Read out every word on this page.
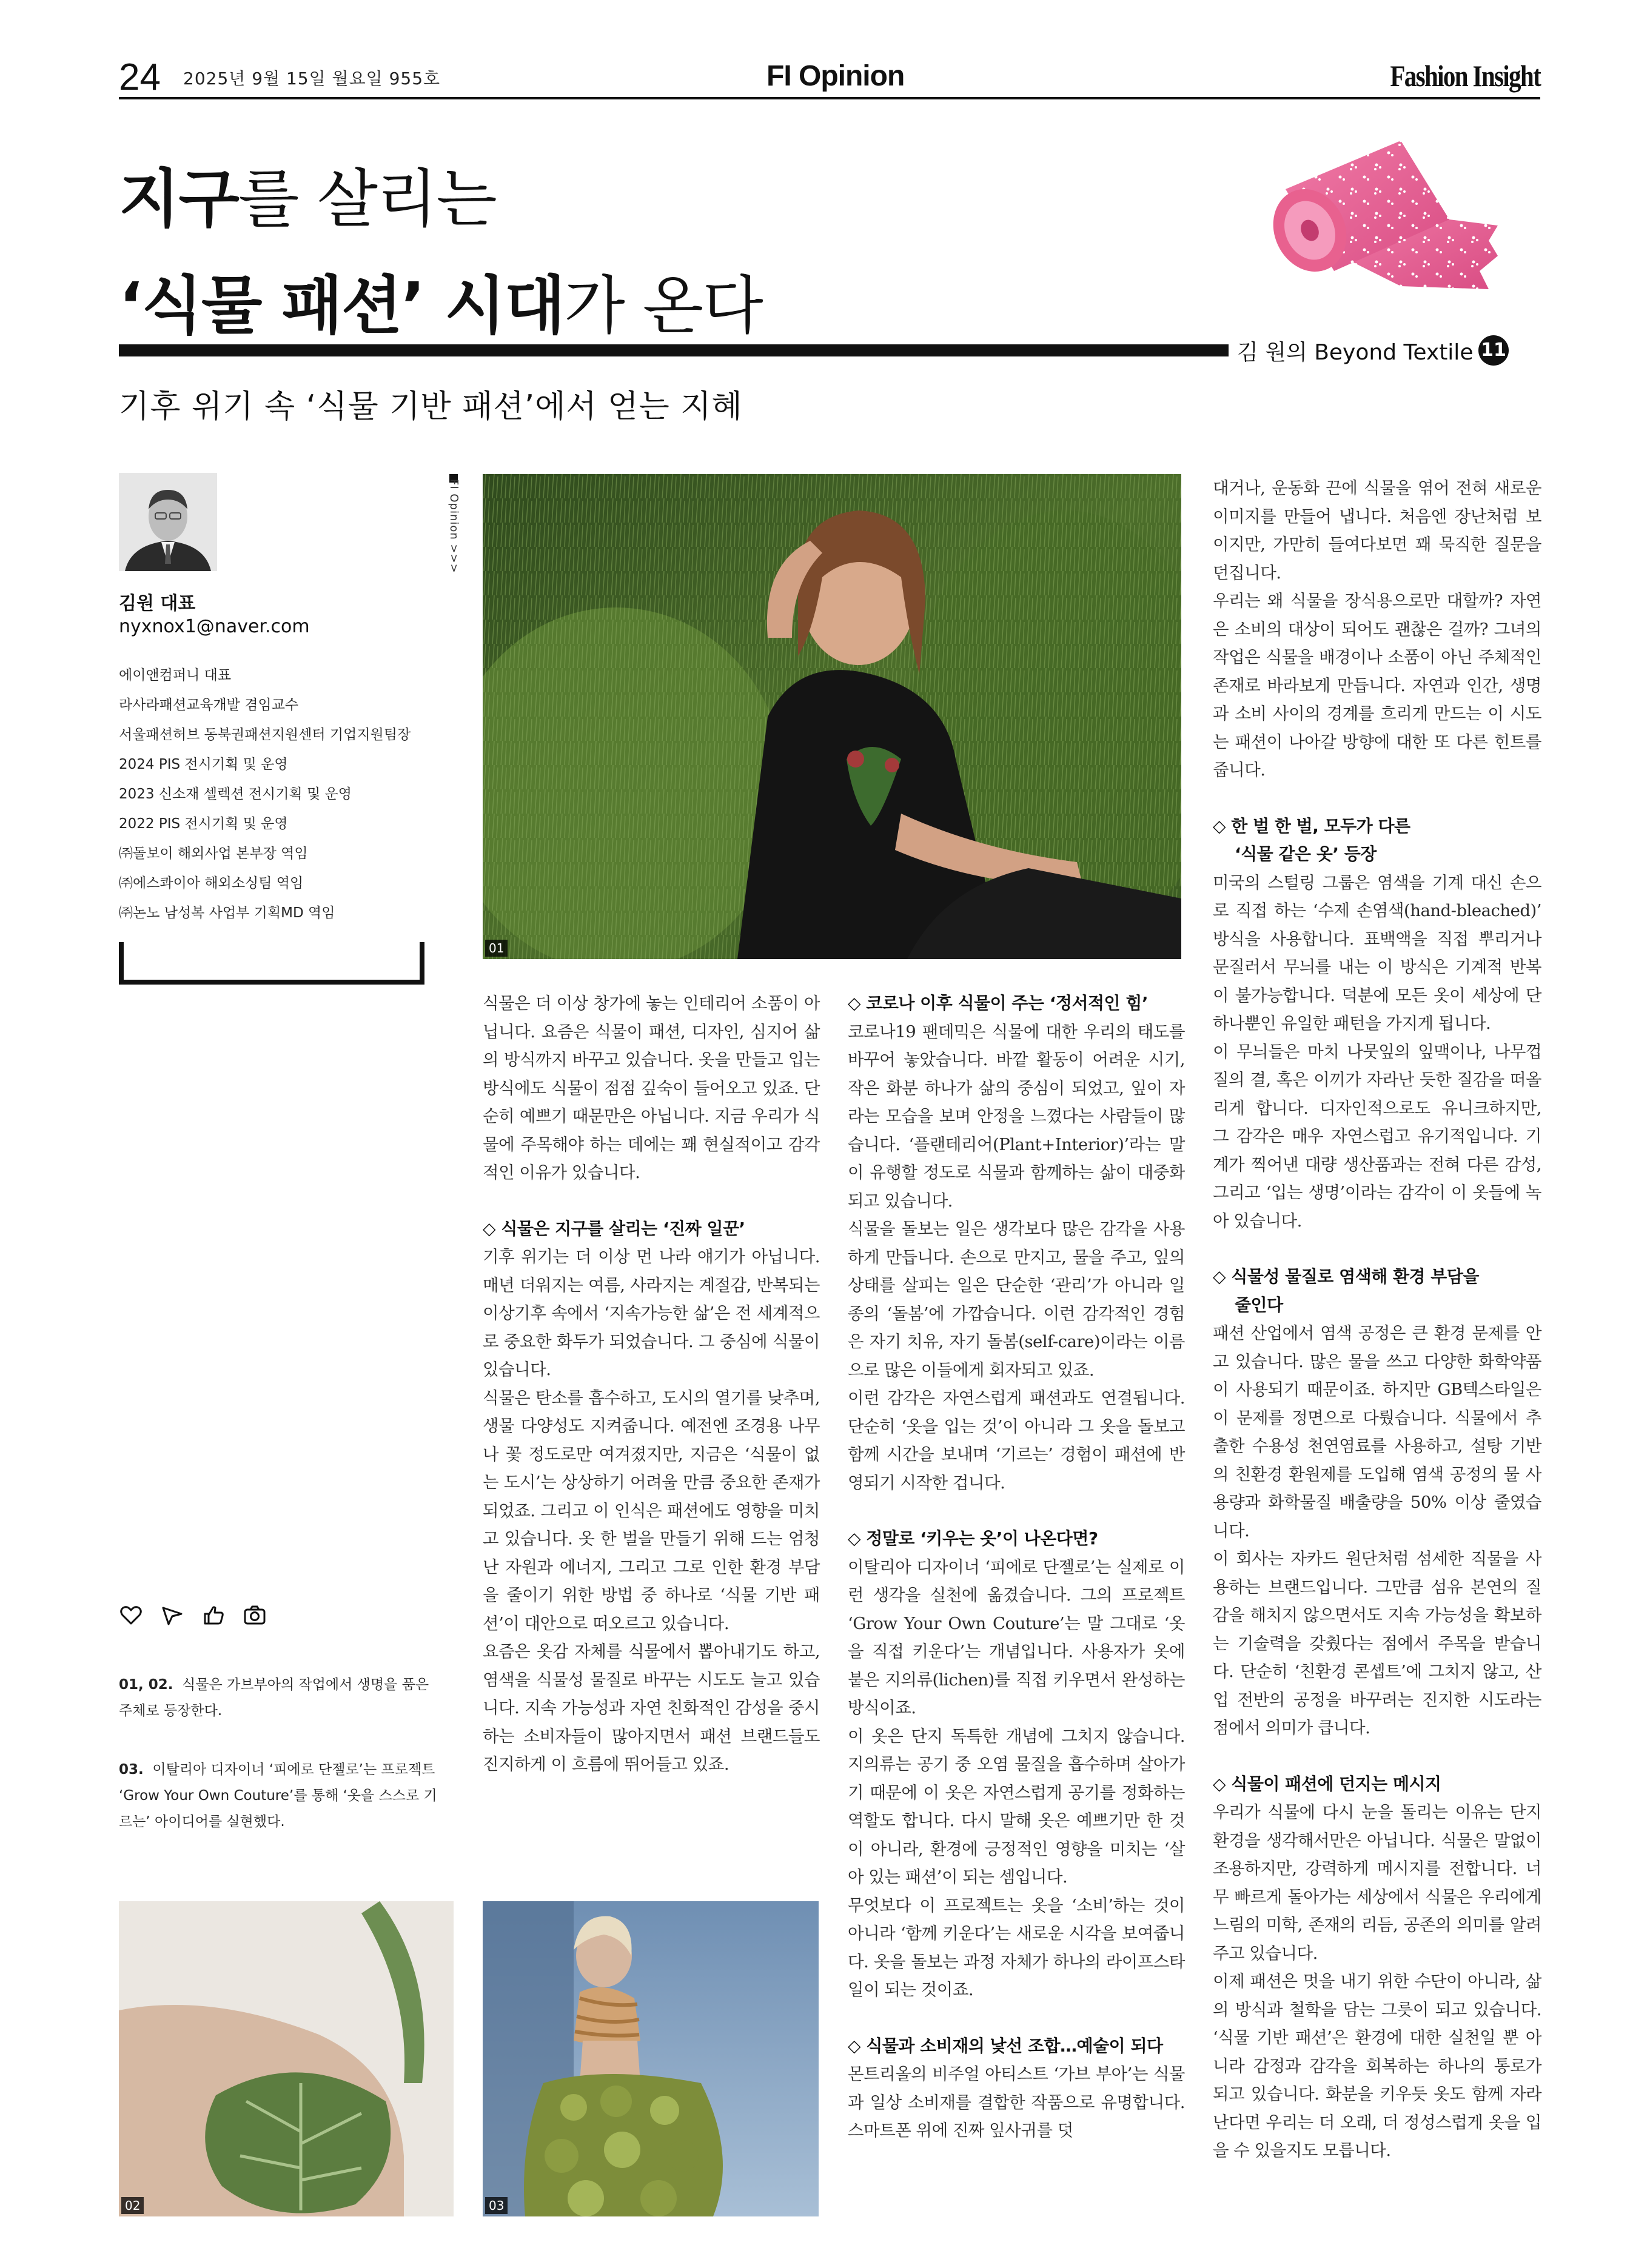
24 2025년 9월 15일 월요일 955호	FI Opinion	Fashion Insight
지구를 살리는
‘식물 패션’ 시대가 온다
김 원의 Beyond Textile 11
기후 위기 속 ‘식물 기반 패션’에서 얻는 지혜
김원 대표
nyxnox1@naver.com
에이앤컴퍼니 대표
라사라패션교육개발 겸임교수
서울패션허브 동북권패션지원센터 기업지원팀장
2024 PIS 전시기획 및 운영
2023 신소재 셀렉션 전시기획 및 운영
2022 PIS 전시기획 및 운영
㈜돌보이 해외사업 본부장 역임
㈜에스콰이아 해외소싱팀 역임
㈜논노 남성복 사업부 기획MD 역임
FI Opinion >>>
01, 02. 식물은 가브부아의 작업에서 생명을 품은 주체로 등장한다.
03. 이탈리아 디자이너 ‘피에로 단젤로’는 프로젝트 ‘Grow Your Own Couture’를 통해 ‘옷을 스스로 기르는’ 아이디어를 실현했다.
01
02	03

식물은 더 이상 창가에 놓는 인테리어 소품이 아닙니다. 요즘은 식물이 패션, 디자인, 심지어 삶의 방식까지 바꾸고 있습니다. 옷을 만들고 입는 방식에도 식물이 점점 깊숙이 들어오고 있죠. 단순히 예쁘기 때문만은 아닙니다. 지금 우리가 식물에 주목해야 하는 데에는 꽤 현실적이고 감각적인 이유가 있습니다.

◇ 식물은 지구를 살리는 ‘진짜 일꾼’

기후 위기는 더 이상 먼 나라 얘기가 아닙니다. 매년 더워지는 여름, 사라지는 계절감, 반복되는 이상기후 속에서 ‘지속가능한 삶’은 전 세계적으로 중요한 화두가 되었습니다. 그 중심에 식물이 있습니다.

식물은 탄소를 흡수하고, 도시의 열기를 낮추며, 생물 다양성도 지켜줍니다. 예전엔 조경용 나무나 꽃 정도로만 여겨졌지만, 지금은 ‘식물이 없는 도시’는 상상하기 어려울 만큼 중요한 존재가 되었죠. 그리고 이 인식은 패션에도 영향을 미치고 있습니다. 옷 한 벌을 만들기 위해 드는 엄청난 자원과 에너지, 그리고 그로 인한 환경 부담을 줄이기 위한 방법 중 하나로 ‘식물 기반 패션’이 대안으로 떠오르고 있습니다.

요즘은 옷감 자체를 식물에서 뽑아내기도 하고, 염색을 식물성 물질로 바꾸는 시도도 늘고 있습니다. 지속 가능성과 자연 친화적인 감성을 중시하는 소비자들이 많아지면서 패션 브랜드들도 진지하게 이 흐름에 뛰어들고 있죠.

◇ 코로나 이후 식물이 주는 ‘정서적인 힘’

코로나19 팬데믹은 식물에 대한 우리의 태도를 바꾸어 놓았습니다. 바깥 활동이 어려운 시기, 작은 화분 하나가 삶의 중심이 되었고, 잎이 자라는 모습을 보며 안정을 느꼈다는 사람들이 많습니다. ‘플랜테리어(Plant+Interior)’라는 말이 유행할 정도로 식물과 함께하는 삶이 대중화되고 있습니다.

식물을 돌보는 일은 생각보다 많은 감각을 사용하게 만듭니다. 손으로 만지고, 물을 주고, 잎의 상태를 살피는 일은 단순한 ‘관리’가 아니라 일종의 ‘돌봄’에 가깝습니다. 이런 감각적인 경험은 자기 치유, 자기 돌봄(self-care)이라는 이름으로 많은 이들에게 회자되고 있죠.

이런 감각은 자연스럽게 패션과도 연결됩니다. 단순히 ‘옷을 입는 것’이 아니라 그 옷을 돌보고 함께 시간을 보내며 ‘기르는’ 경험이 패션에 반영되기 시작한 겁니다.

◇ 정말로 ‘키우는 옷’이 나온다면?

이탈리아 디자이너 ‘피에로 단젤로’는 실제로 이런 생각을 실천에 옮겼습니다. 그의 프로젝트 ‘Grow Your Own Couture’는 말 그대로 ‘옷을 직접 키운다’는 개념입니다. 사용자가 옷에 붙은 지의류(lichen)를 직접 키우면서 완성하는 방식이죠.

이 옷은 단지 독특한 개념에 그치지 않습니다. 지의류는 공기 중 오염 물질을 흡수하며 살아가기 때문에 이 옷은 자연스럽게 공기를 정화하는 역할도 합니다. 다시 말해 옷은 예쁘기만 한 것이 아니라, 환경에 긍정적인 영향을 미치는 ‘살아 있는 패션’이 되는 셈입니다.

무엇보다 이 프로젝트는 옷을 ‘소비’하는 것이 아니라 ‘함께 키운다’는 새로운 시각을 보여줍니다. 옷을 돌보는 과정 자체가 하나의 라이프스타일이 되는 것이죠.

◇ 식물과 소비재의 낯선 조합…예술이 되다

몬트리올의 비주얼 아티스트 ‘가브 부아’는 식물과 일상 소비재를 결합한 작품으로 유명합니다. 스마트폰 위에 진짜 잎사귀를 덧

대거나, 운동화 끈에 식물을 엮어 전혀 새로운 이미지를 만들어 냅니다. 처음엔 장난처럼 보이지만, 가만히 들여다보면 꽤 묵직한 질문을 던집니다.

우리는 왜 식물을 장식용으로만 대할까? 자연은 소비의 대상이 되어도 괜찮은 걸까? 그녀의 작업은 식물을 배경이나 소품이 아닌 주체적인 존재로 바라보게 만듭니다. 자연과 인간, 생명과 소비 사이의 경계를 흐리게 만드는 이 시도는 패션이 나아갈 방향에 대한 또 다른 힌트를 줍니다.

◇ 한 벌 한 벌, 모두가 다른
‘식물 같은 옷’ 등장

미국의 스털링 그룹은 염색을 기계 대신 손으로 직접 하는 ‘수제 손염색(hand-bleached)’ 방식을 사용합니다. 표백액을 직접 뿌리거나 문질러서 무늬를 내는 이 방식은 기계적 반복이 불가능합니다. 덕분에 모든 옷이 세상에 단 하나뿐인 유일한 패턴을 가지게 됩니다.

이 무늬들은 마치 나뭇잎의 잎맥이나, 나무껍질의 결, 혹은 이끼가 자라난 듯한 질감을 떠올리게 합니다. 디자인적으로도 유니크하지만, 그 감각은 매우 자연스럽고 유기적입니다. 기계가 찍어낸 대량 생산품과는 전혀 다른 감성, 그리고 ‘입는 생명’이라는 감각이 이 옷들에 녹아 있습니다.

◇ 식물성 물질로 염색해 환경 부담을
줄인다

패션 산업에서 염색 공정은 큰 환경 문제를 안고 있습니다. 많은 물을 쓰고 다양한 화학약품이 사용되기 때문이죠. 하지만 GB텍스타일은 이 문제를 정면으로 다뤘습니다. 식물에서 추출한 수용성 천연염료를 사용하고, 설탕 기반의 친환경 환원제를 도입해 염색 공정의 물 사용량과 화학물질 배출량을 50% 이상 줄였습니다.

이 회사는 자카드 원단처럼 섬세한 직물을 사용하는 브랜드입니다. 그만큼 섬유 본연의 질감을 해치지 않으면서도 지속 가능성을 확보하는 기술력을 갖췄다는 점에서 주목을 받습니다. 단순히 ‘친환경 콘셉트’에 그치지 않고, 산업 전반의 공정을 바꾸려는 진지한 시도라는 점에서 의미가 큽니다.

◇ 식물이 패션에 던지는 메시지

우리가 식물에 다시 눈을 돌리는 이유는 단지 환경을 생각해서만은 아닙니다. 식물은 말없이 조용하지만, 강력하게 메시지를 전합니다. 너무 빠르게 돌아가는 세상에서 식물은 우리에게 느림의 미학, 존재의 리듬, 공존의 의미를 알려주고 있습니다.

이제 패션은 멋을 내기 위한 수단이 아니라, 삶의 방식과 철학을 담는 그릇이 되고 있습니다. ‘식물 기반 패션’은 환경에 대한 실천일 뿐 아니라 감정과 감각을 회복하는 하나의 통로가 되고 있습니다. 화분을 키우듯 옷도 함께 자라난다면 우리는 더 오래, 더 정성스럽게 옷을 입을 수 있을지도 모릅니다.
